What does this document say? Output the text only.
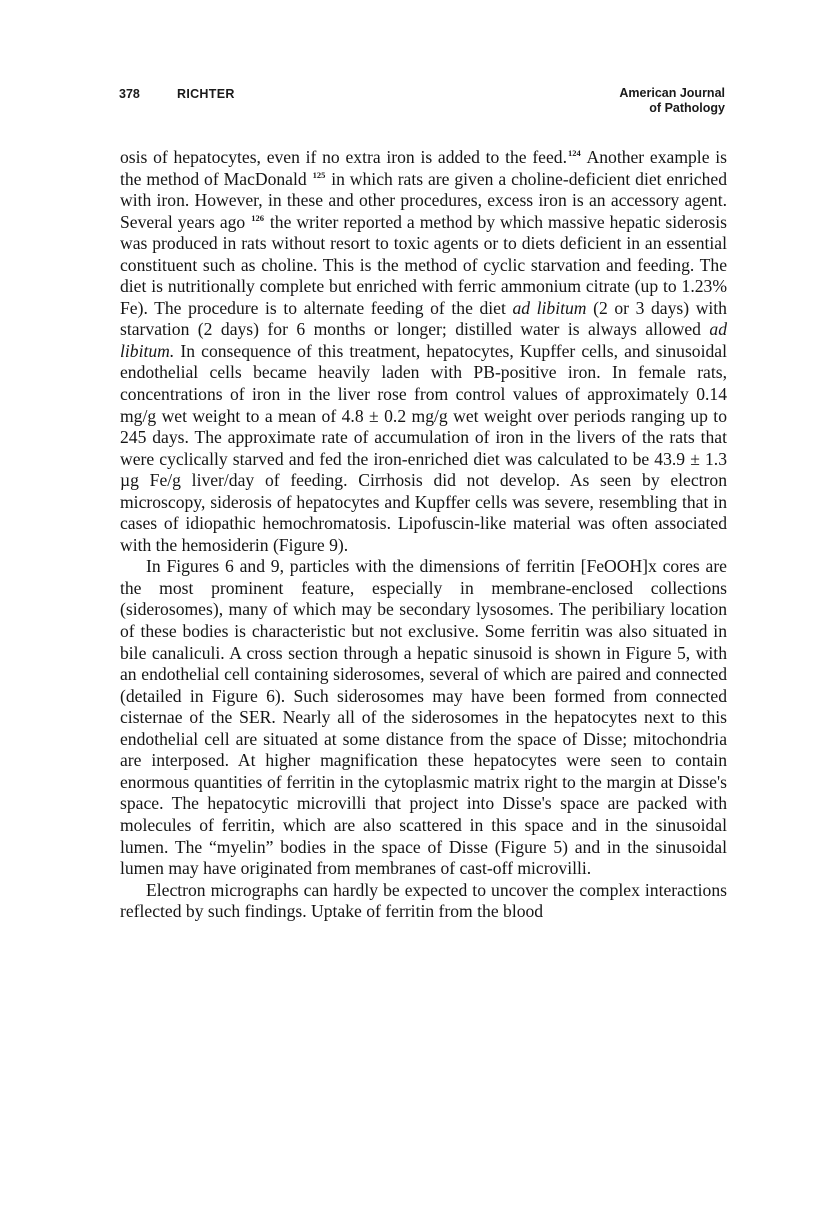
378	RICHTER	American Journal
of Pathology

osis of hepatocytes, even if no extra iron is added to the feed.$^{124}$ Another example is the method of MacDonald $^{125}$ in which rats are given a choline-deficient diet enriched with iron. However, in these and other procedures, excess iron is an accessory agent. Several years ago $^{126}$ the writer reported a method by which massive hepatic siderosis was produced in rats without resort to toxic agents or to diets deficient in an essential constituent such as choline. This is the method of cyclic starvation and feeding. The diet is nutritionally complete but enriched with ferric ammonium citrate (up to 1.23% Fe). The procedure is to alternate feeding of the diet ad libitum (2 or 3 days) with starvation (2 days) for 6 months or longer; distilled water is always allowed ad libitum. In consequence of this treatment, hepatocytes, Kupffer cells, and sinusoidal endothelial cells became heavily laden with PB-positive iron. In female rats, concentrations of iron in the liver rose from control values of approximately 0.14 mg/g wet weight to a mean of 4.8 ± 0.2 mg/g wet weight over periods ranging up to 245 days. The approximate rate of accumulation of iron in the livers of the rats that were cyclically starved and fed the iron-enriched diet was calculated to be 43.9 ± 1.3 µg Fe/g liver/day of feeding. Cirrhosis did not develop. As seen by electron microscopy, siderosis of hepatocytes and Kupffer cells was severe, resembling that in cases of idiopathic hemochromatosis. Lipofuscin-like material was often associated with the hemosiderin (Figure 9).

In Figures 6 and 9, particles with the dimensions of ferritin [FeOOH]x cores are the most prominent feature, especially in membrane-enclosed collections (siderosomes), many of which may be secondary lysosomes. The peribiliary location of these bodies is characteristic but not exclusive. Some ferritin was also situated in bile canaliculi. A cross section through a hepatic sinusoid is shown in Figure 5, with an endothelial cell containing siderosomes, several of which are paired and connected (detailed in Figure 6). Such siderosomes may have been formed from connected cisternae of the SER. Nearly all of the siderosomes in the hepatocytes next to this endothelial cell are situated at some distance from the space of Disse; mitochondria are interposed. At higher magnification these hepatocytes were seen to contain enormous quantities of ferritin in the cytoplasmic matrix right to the margin at Disse's space. The hepatocytic microvilli that project into Disse's space are packed with molecules of ferritin, which are also scattered in this space and in the sinusoidal lumen. The “myelin” bodies in the space of Disse (Figure 5) and in the sinusoidal lumen may have originated from membranes of cast-off microvilli.

Electron micrographs can hardly be expected to uncover the complex interactions reflected by such findings. Uptake of ferritin from the blood
